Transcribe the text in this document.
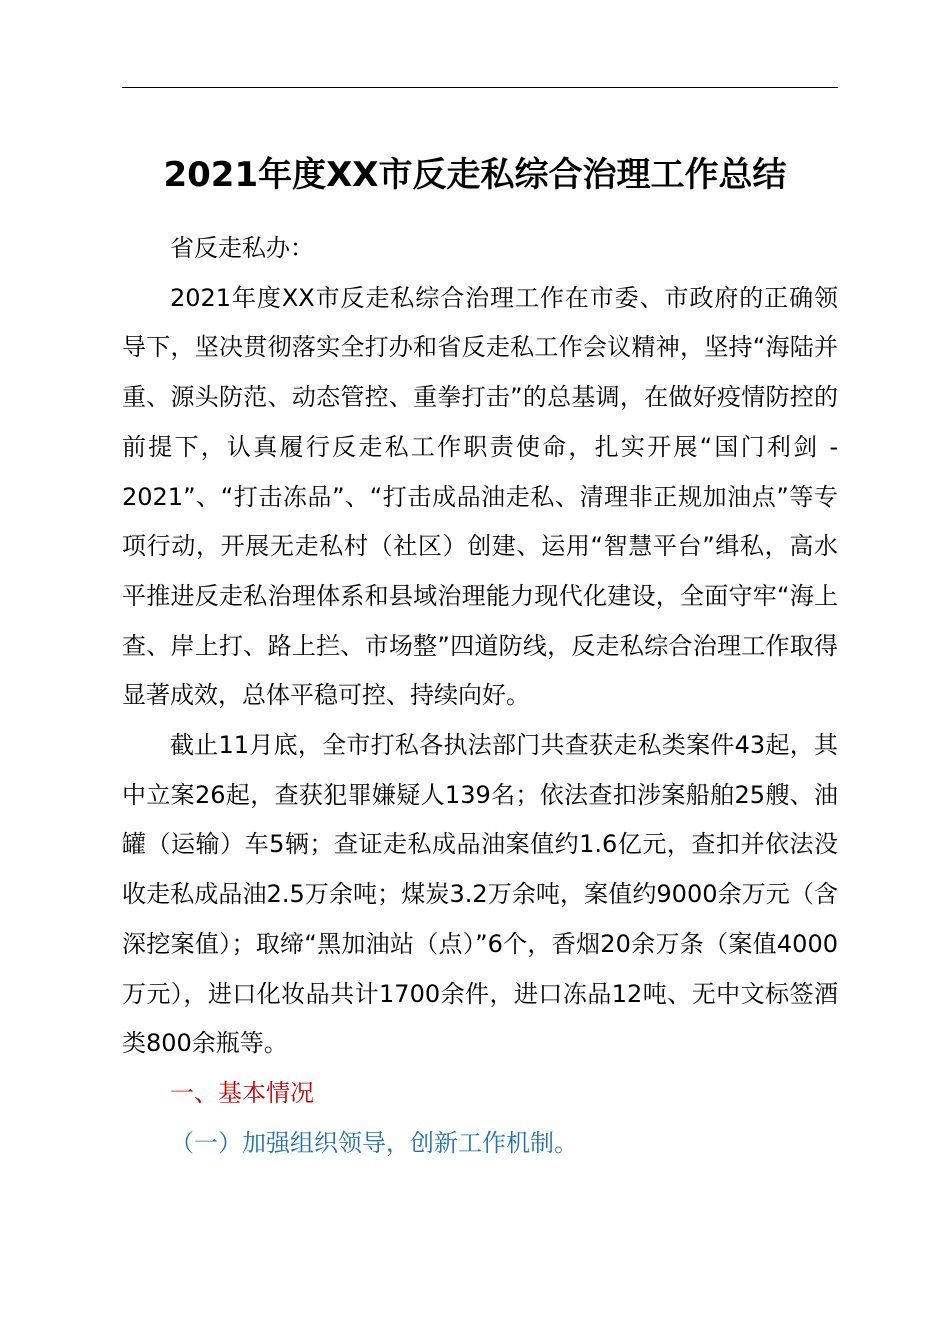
2021年度XX市反走私综合治理工作总结

省反走私办：

2021年度XX市反走私综合治理工作在市委、市政府的正确领导下，坚决贯彻落实全打办和省反走私工作会议精神，坚持“海陆并重、源头防范、动态管控、重拳打击”的总基调，在做好疫情防控的前提下，认真履行反走私工作职责使命，扎实开展“国门利剑 - 2021”、“打击冻品”、“打击成品油走私、清理非正规加油点”等专项行动，开展无走私村（社区）创建、运用“智慧平台”缉私，高水平推进反走私治理体系和县域治理能力现代化建设，全面守牢“海上查、岸上打、路上拦、市场整”四道防线，反走私综合治理工作取得显著成效，总体平稳可控、持续向好。

截止11月底，全市打私各执法部门共查获走私类案件43起，其中立案26起，查获犯罪嫌疑人139名；依法查扣涉案船舶25艘、油罐（运输）车5辆；查证走私成品油案值约1.6亿元，查扣并依法没收走私成品油2.5万余吨；煤炭3.2万余吨，案值约9000余万元（含深挖案值）；取缔“黑加油站（点）”6个，香烟20余万条（案值4000万元），进口化妆品共计1700余件，进口冻品12吨、无中文标签酒类800余瓶等。

一、基本情况

（一）加强组织领导，创新工作机制。
